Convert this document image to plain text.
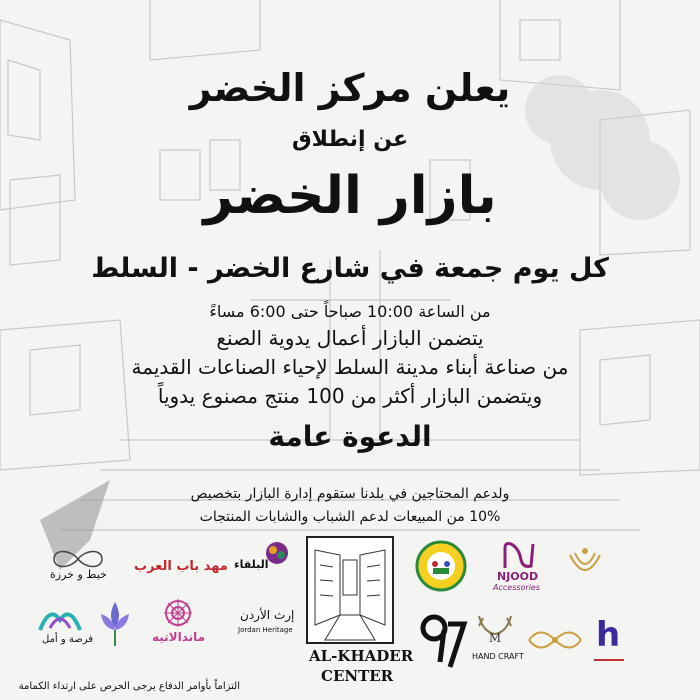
يعلن مركز الخضر
عن إنطلاق
بازار الخضر
كل يوم جمعة في شارع الخضر - السلط
من الساعة 10:00 صباحاً حتى 6:00 مساءً
يتضمن البازار أعمال يدوية الصنع
من صناعة أبناء مدينة السلط لإحياء الصناعات القديمة
ويتضمن البازار أكثر من 100 منتج مصنوع يدوياً
الدعوة عامة
ولدعم المحتاجين في بلدنا ستقوم إدارة البازار بتخصيص
10% من المبيعات لدعم الشباب والشابات المنتجات
خيط و خرزة
مهد باب العرب البلقاء
AL-KHADER
CENTER
NJOOD
Accessories
فرصة و أمل	ماندالاتيه
إرث الأردن
Jordan Heritage
M
HAND CRAFT
h
التزاماً بأوامر الدفاع يرجى الحرص على ارتداء الكمامة
